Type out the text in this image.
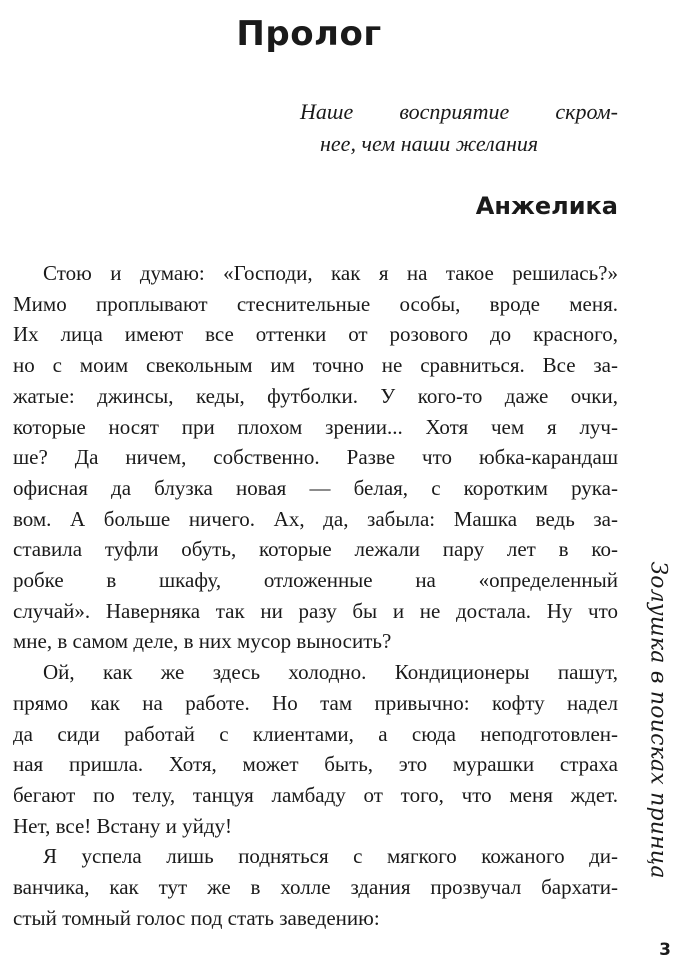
Пролог
Наше восприятие скром-
нее, чем наши желания
Анжелика
Стою и думаю: «Господи, как я на такое решилась?»
Мимо проплывают стеснительные особы, вроде меня.
Их лица имеют все оттенки от розового до красного,
но с моим свекольным им точно не сравниться. Все за-
жатые: джинсы, кеды, футболки. У кого-то даже очки,
которые носят при плохом зрении... Хотя чем я луч-
ше? Да ничем, собственно. Разве что юбка-карандаш
офисная да блузка новая — белая, с коротким рука-
вом. А больше ничего. Ах, да, забыла: Машка ведь за-
ставила туфли обуть, которые лежали пару лет в ко-
робке в шкафу, отложенные на «определенный
случай». Наверняка так ни разу бы и не достала. Ну что
мне, в самом деле, в них мусор выносить?
Ой, как же здесь холодно. Кондиционеры пашут,
прямо как на работе. Но там привычно: кофту надел
да сиди работай с клиентами, а сюда неподготовлен-
ная пришла. Хотя, может быть, это мурашки страха
бегают по телу, танцуя ламбаду от того, что меня ждет.
Нет, все! Встану и уйду!
Я успела лишь подняться с мягкого кожаного ди-
ванчика, как тут же в холле здания прозвучал бархати-
стый томный голос под стать заведению:
Золушка в поисках принца
3
